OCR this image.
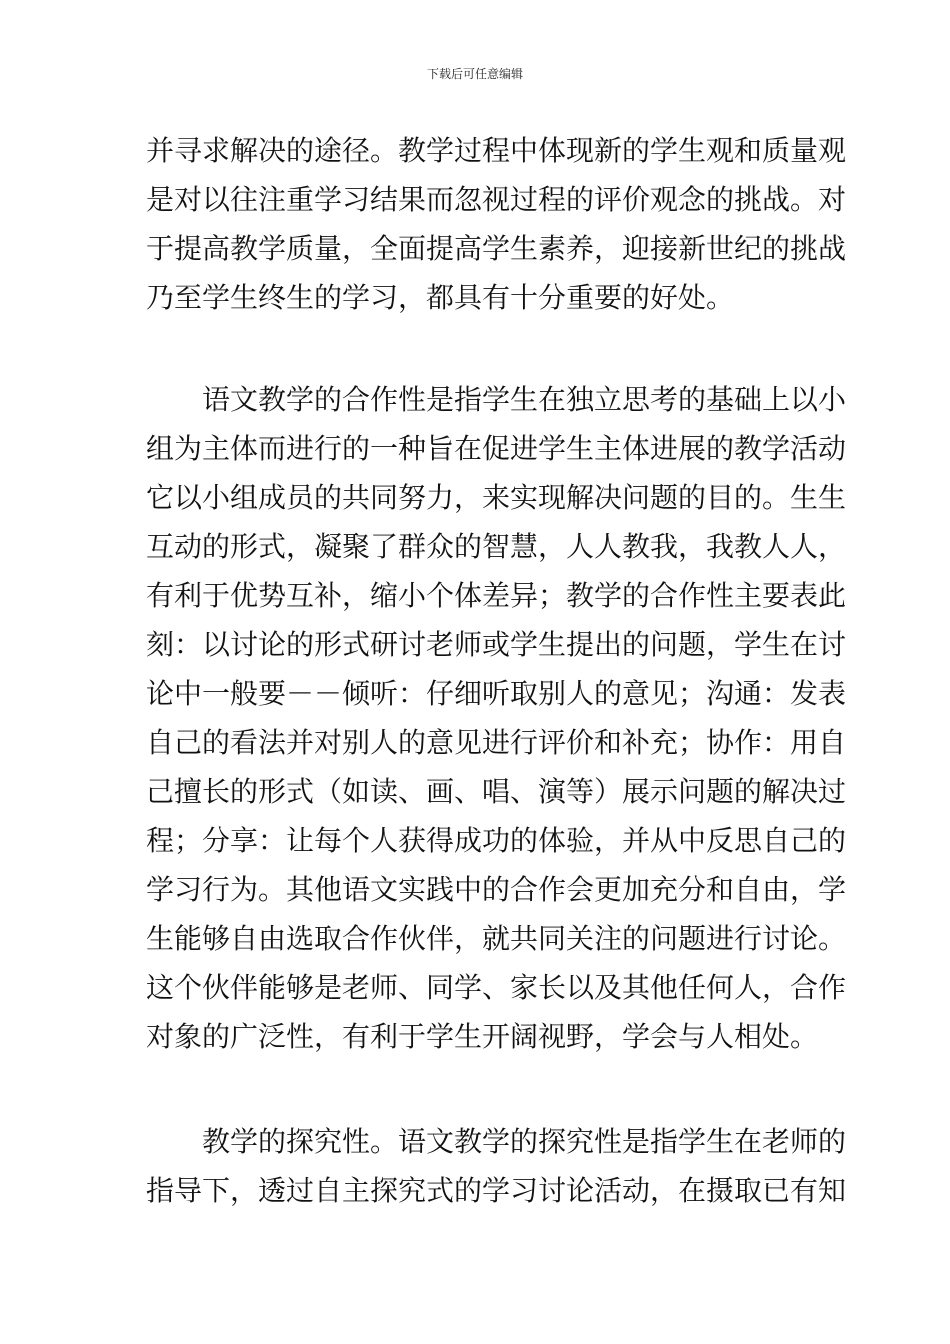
下载后可任意编辑
并寻求解决的途径。教学过程中体现新的学生观和质量观
是对以往注重学习结果而忽视过程的评价观念的挑战。对
于提高教学质量，全面提高学生素养，迎接新世纪的挑战
乃至学生终生的学习，都具有十分重要的好处。
　　语文教学的合作性是指学生在独立思考的基础上以小
组为主体而进行的一种旨在促进学生主体进展的教学活动
它以小组成员的共同努力，来实现解决问题的目的。生生
互动的形式，凝聚了群众的智慧，人人教我，我教人人，
有利于优势互补，缩小个体差异；教学的合作性主要表此
刻：以讨论的形式研讨老师或学生提出的问题，学生在讨
论中一般要－－倾听：仔细听取别人的意见；沟通：发表
自己的看法并对别人的意见进行评价和补充；协作：用自
己擅长的形式（如读、画、唱、演等）展示问题的解决过
程；分享：让每个人获得成功的体验，并从中反思自己的
学习行为。其他语文实践中的合作会更加充分和自由，学
生能够自由选取合作伙伴，就共同关注的问题进行讨论。
这个伙伴能够是老师、同学、家长以及其他任何人，合作
对象的广泛性，有利于学生开阔视野，学会与人相处。
　　教学的探究性。语文教学的探究性是指学生在老师的
指导下，透过自主探究式的学习讨论活动，在摄取已有知
